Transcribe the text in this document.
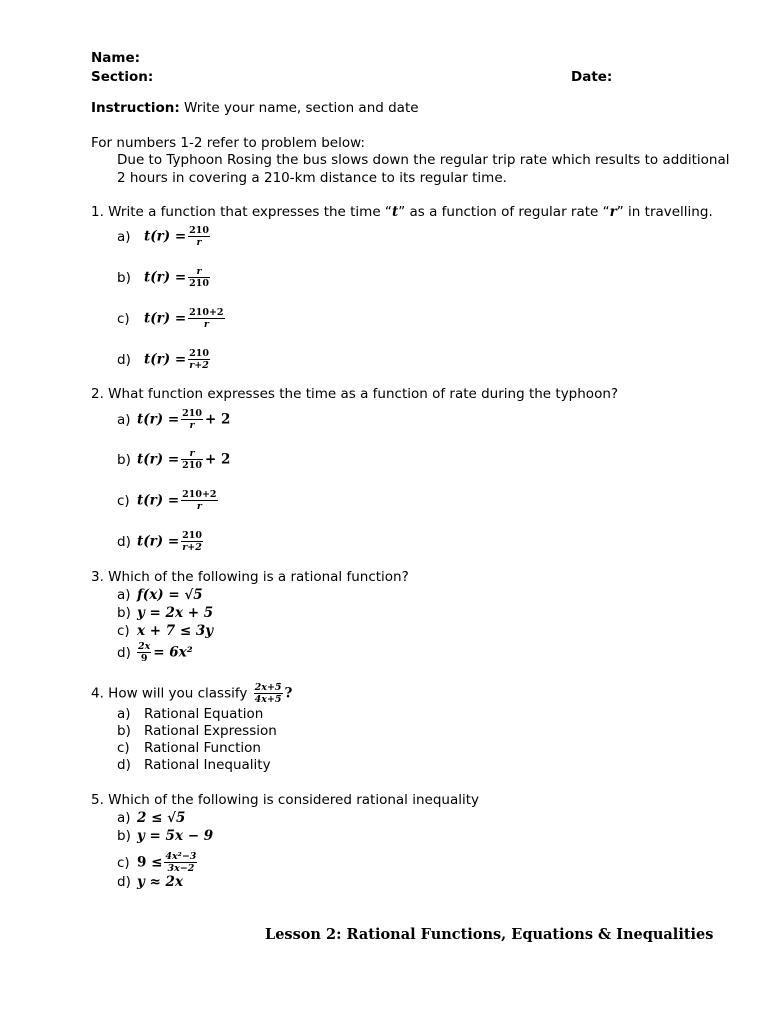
Name:
Section:	Date:
Instruction: Write your name, section and date
For numbers 1-2 refer to problem below:
Due to Typhoon Rosing the bus slows down the regular trip rate which results to additional
2 hours in covering a 210-km distance to its regular time.
1. Write a function that expresses the time “t” as a function of regular rate “r” in travelling.
a) $t(r) = \frac{210}{r}$
b) $t(r) = \frac{r}{210}$
c) $t(r) = \frac{210+2}{r}$
d) $t(r) = \frac{210}{r+2}$
2. What function expresses the time as a function of rate during the typhoon?
a) $t(r) = \frac{210}{r} + 2$
b) $t(r) = \frac{r}{210} + 2$
c) $t(r) = \frac{210+2}{r}$
d) $t(r) = \frac{210}{r+2}$
3. Which of the following is a rational function?
a) f(x) = √5
b) y = 2x + 5
c) x + 7 ≤ 3y
$d) \frac{2x}{9} = 6x^2$
4. How will you classify $\frac{2x+5}{4x+5}$ ?
a) Rational Equation
b) Rational Expression
c) Rational Function
d) Rational Inequality
5. Which of the following is considered rational inequality
a) 2 ≤ √5
b) y = 5x − 9
c) $9 \le \frac{\text{4x²−3}}{3x-2}$
d) y ≈ 2x
Lesson 2: Rational Functions, Equations & Inequalities
